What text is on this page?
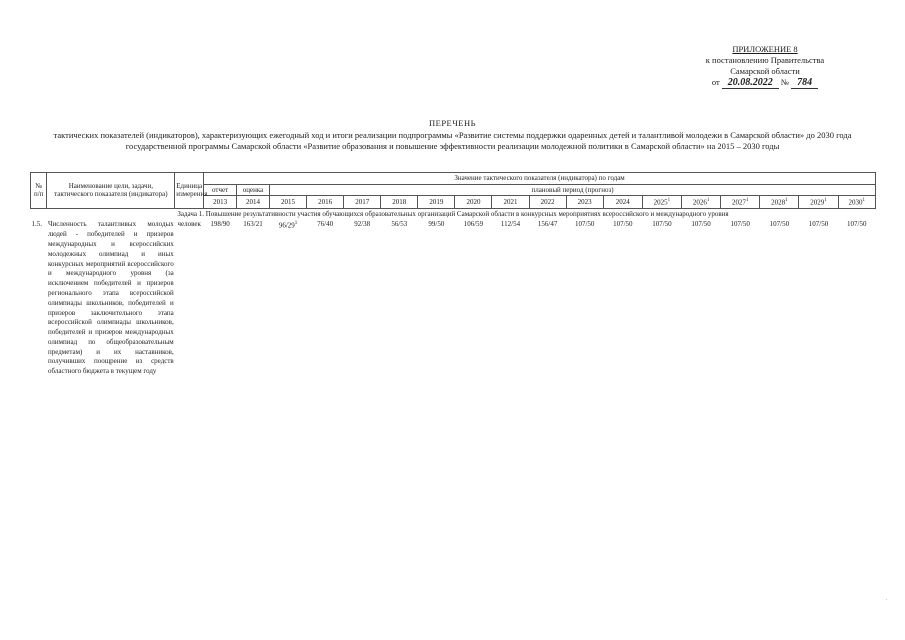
ПРИЛОЖЕНИЕ 8
к постановлению Правительства
Самарской области
от 20.08.2022 № 784
ПЕРЕЧЕНЬ
тактических показателей (индикаторов), характеризующих ежегодный ход и итоги реализации подпрограммы «Развитие системы поддержки одаренных детей и талантливой молодежи в Самарской области» до 2030 года государственной программы Самарской области «Развитие образования и повышение эффективности реализации молодежной политики в Самарской области» на 2015 – 2030 годы
№ п/п	Наименование цели, задачи, тактического показателя (индикатора)	Единица измерения	Значение тактического показателя (индикатора) по годам																	
			отчет	оценка	плановый период (прогноз)															
			2013	2014	2015	2016	2017	2018	2019	2020	2021	2022	2023	2024	2025$^1$	2026$^1$	2027$^1$	2028$^1$	2029$^1$	2030$^1$
Задача 1. Повышение результативности участия обучающихся образовательных организаций Самарской области в конкурсных мероприятиях всероссийского и международного уровня																				
1.5.	Численность талантливых молодых людей - победителей и призеров международных и всероссийских молодежных олимпиад и иных конкурсных мероприятий всероссийского и международного уровня (за исключением победителей и призеров регионального этапа всероссийской олимпиады школьников, победителей и призеров заключительного этапа всероссийской олимпиады школьников, победителей и призеров международных олимпиад по общеобразовательным предметам) и их наставников, получивших поощрение из средств областного бюджета в текущем году	человек	198/90	163/21	$96/29^1$	76/40	92/38	56/53	99/50	106/59	112/54	156/47	107/50	107/50	107/50	107/50	107/50	107/50	107/50	107/50
.
